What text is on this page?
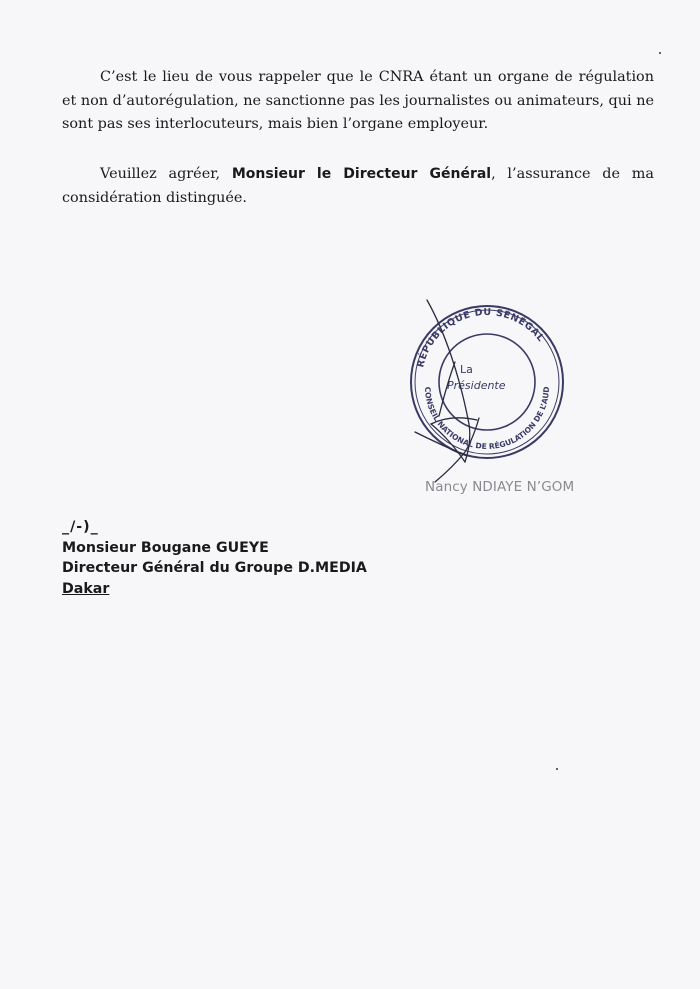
C’est le lieu de vous rappeler que le CNRA étant un organe de régulation et non d’autorégulation, ne sanctionne pas les journalistes ou animateurs, qui ne sont pas ses interlocuteurs, mais bien l’organe employeur.

Veuillez agréer, Monsieur le Directeur Général, l’assurance de ma considération distinguée.

RÉPUBLIQUE DU SÉNÉGAL
CONSEIL NATIONAL DE RÉGULATION DE L’AUD
La
Présidente
Nancy NDIAYE N’GOM
_/-)_
Monsieur Bougane GUEYE
Directeur Général du Groupe D.MEDIA
Dakar
